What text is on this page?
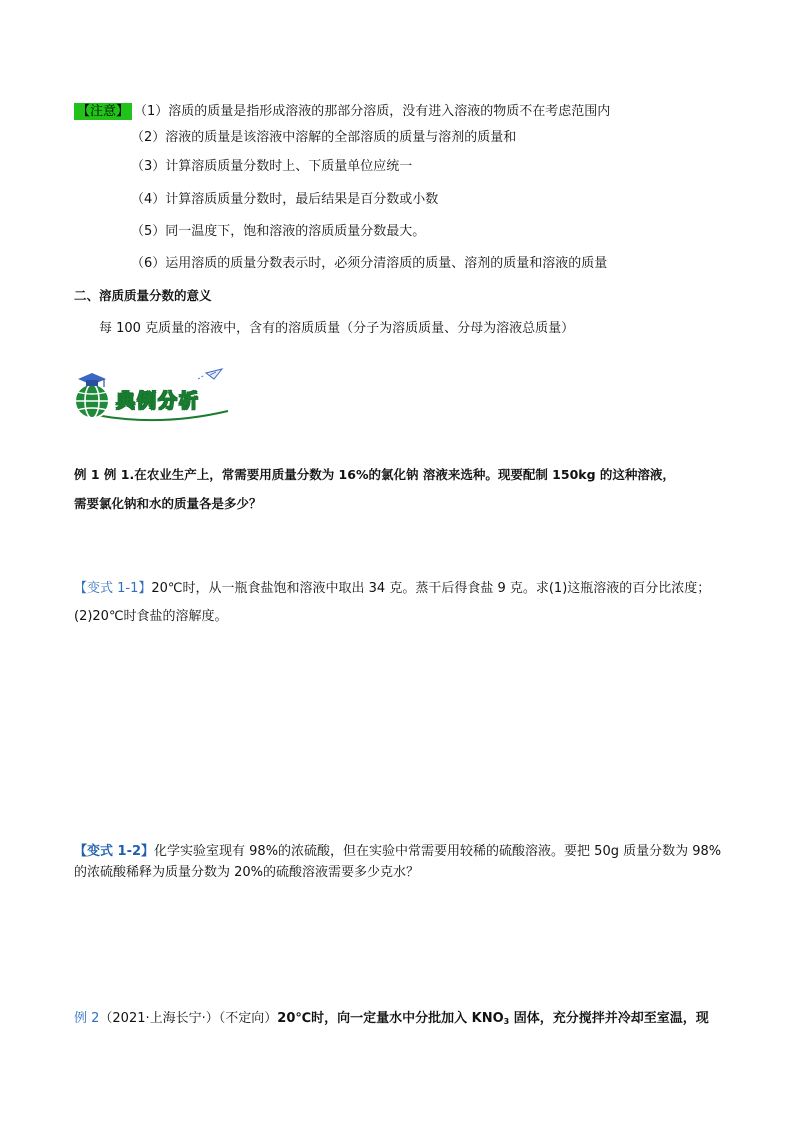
【注意】 （1）溶质的质量是指形成溶液的那部分溶质，没有进入溶液的物质不在考虑范围内
（2）溶液的质量是该溶液中溶解的全部溶质的质量与溶剂的质量和
（3）计算溶质质量分数时上、下质量单位应统一
（4）计算溶质质量分数时，最后结果是百分数或小数
（5）同一温度下，饱和溶液的溶质质量分数最大。
（6）运用溶质的质量分数表示时，必须分清溶质的质量、溶剂的质量和溶液的质量
二、溶质质量分数的意义
每 100 克质量的溶液中，含有的溶质质量（分子为溶质质量、分母为溶液总质量）
典例分析
例 1 例 1.在农业生产上，常需要用质量分数为 16%的氯化钠 溶液来选种。现要配制 150kg 的这种溶液，
需要氯化钠和水的质量各是多少？
【变式 1-1】20℃时，从一瓶食盐饱和溶液中取出 34 克。蒸干后得食盐 9 克。求(1)这瓶溶液的百分比浓度；
(2)20℃时食盐的溶解度。
【变式 1-2】化学实验室现有 98%的浓硫酸，但在实验中常需要用较稀的硫酸溶液。要把 50g 质量分数为 98%
的浓硫酸稀释为质量分数为 20%的硫酸溶液需要多少克水？
例 2（2021·上海长宁·）（不定向）20℃时，向一定量水中分批加入 $KNO_3$ 固体，充分搅拌并冷却至室温，现
